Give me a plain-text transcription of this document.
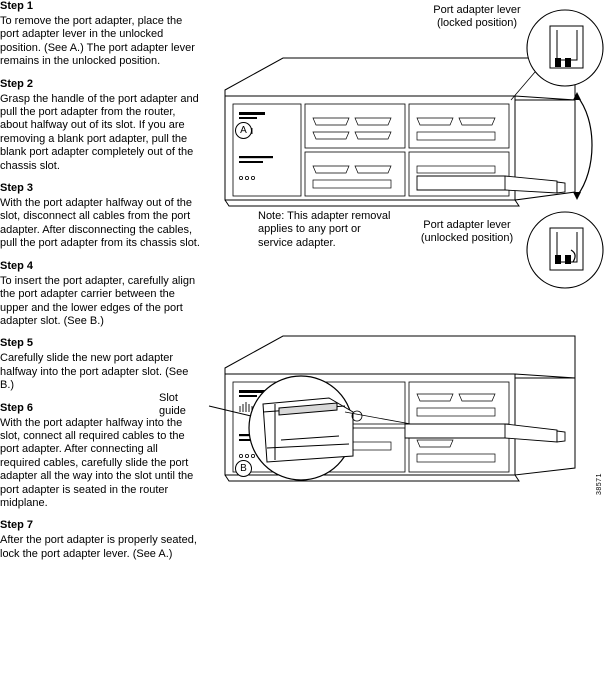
Step 1
To remove the port adapter, place the port adapter lever in the unlocked position. (See A.) The port adapter lever remains in the unlocked position.
Step 2
Grasp the handle of the port adapter and pull the port adapter from the router, about halfway out of its slot. If you are removing a blank port adapter, pull the blank port adapter completely out of the chassis slot.
Step 3
With the port adapter halfway out of the slot, disconnect all cables from the port adapter. After disconnecting the cables, pull the port adapter from its chassis slot.
Step 4
To insert the port adapter, carefully align the port adapter carrier between the upper and the lower edges of the port adapter slot. (See B.)
Step 5
Carefully slide the new port adapter halfway into the port adapter slot. (See B.)
Step 6
With the port adapter halfway into the slot, connect all required cables to the port adapter. After connecting all required cables, carefully slide the port adapter all the way into the slot until the port adapter is seated in the router midplane.
Step 7
After the port adapter is properly seated, lock the port adapter lever. (See A.)
Port adapter lever
(locked position)
Port adapter lever
(unlocked position)
A
Note: This adapter removal applies to any port or service adapter.
Slot
guide
B
38571
